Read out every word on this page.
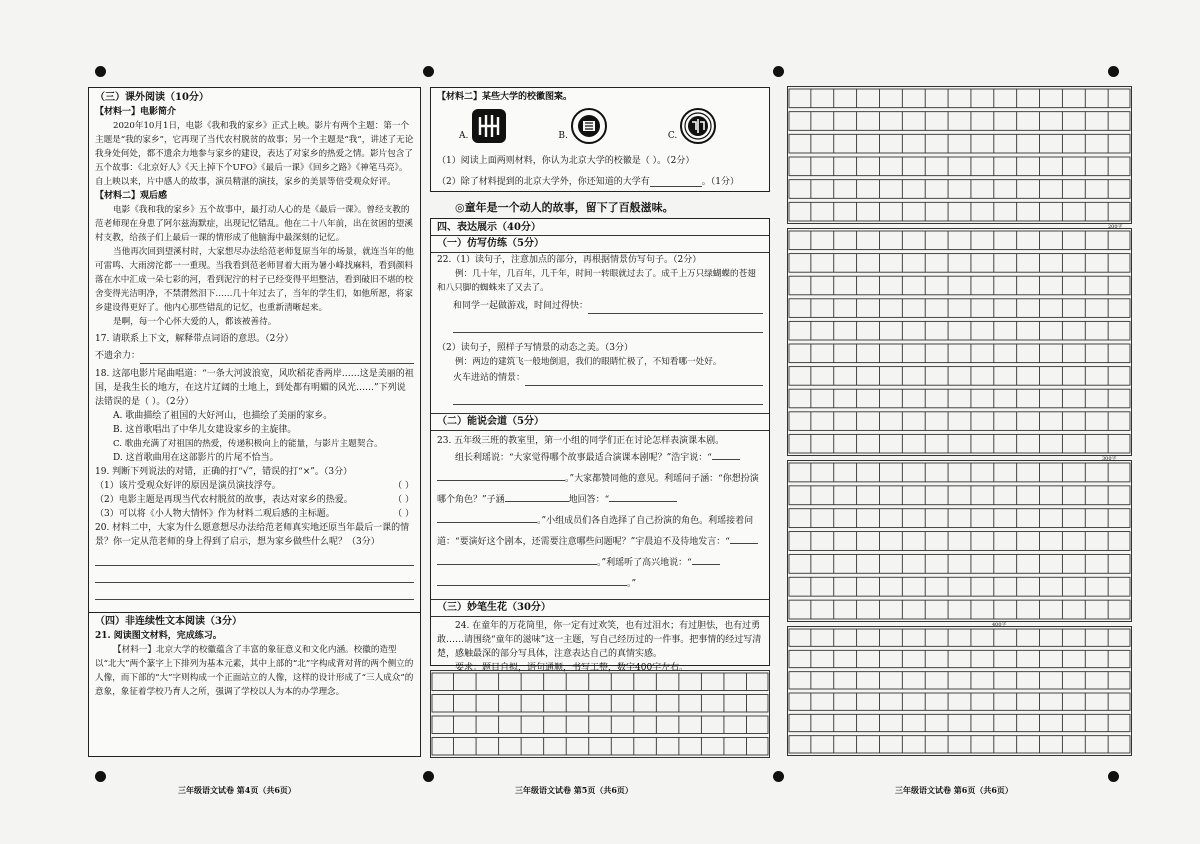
（三）课外阅读（10分）

【材料一】电影简介

2020年10月1日，电影《我和我的家乡》正式上映。影片有两个主题：第一个主题是“我的家乡”，它再现了当代农村脱贫的故事；另一个主题是“我”，讲述了无论我身处何处，都不遗余力地参与家乡的建设，表达了对家乡的热爱之情。影片包含了五个故事：《北京好人》《天上掉下个UFO》《最后一课》《回乡之路》《神笔马亮》。自上映以来，片中感人的故事，演员精湛的演技，家乡的美景等倍受观众好评。

【材料二】观后感

电影《我和我的家乡》五个故事中，最打动人心的是《最后一课》。曾经支教的范老师现在身患了阿尔兹海默症，出现记忆错乱。他在二十八年前，出在贫困的望溪村支教，给孩子们上最后一课的情形成了他脑海中最深刻的记忆。

当他再次回到望溪村时，大家想尽办法给范老师复原当年的场景，就连当年的他可雷鸣、大雨滂沱都一一重现。当我看到范老师冒着大雨为暑小峰找麻料，看到颜料落在水中汇成一朵七彩的河，看到泥泞的村子已经变得平坦整洁，看到破旧不堪的校舍变得光洁明净，不禁潸然泪下……几十年过去了，当年的学生们，如他所愿，将家乡建设得更好了。他内心那些错乱的记忆，也重新清晰起来。

是啊，每一个心怀大爱的人，都该被善待。

17. 请联系上下文，解释带点词语的意思。（2分）

不遗余力：

18. 这部电影片尾曲唱道：“一条大河波浪宽，风吹稻花香两岸……这是美丽的祖国，是我生长的地方，在这片辽阔的土地上，到处都有明媚的风光……”下列说法错误的是（ ）。（2分）

A. 歌曲描绘了祖国的大好河山，也描绘了美丽的家乡。

B. 这首歌唱出了中华儿女建设家乡的主旋律。

C. 歌曲充满了对祖国的热爱，传递积极向上的能量，与影片主题契合。

D. 这首歌曲用在这部影片的片尾不恰当。

19. 判断下列说法的对错，正确的打“√”，错误的打“×”。（3分）

（1）该片受观众好评的原因是演员演技浮夸。	（ ）
（2）电影主题是再现当代农村脱贫的故事，表达对家乡的热爱。	（ ）
（3）可以将《小人物大情怀》作为材料二观后感的主标题。	（ ）

20. 材料二中，大家为什么愿意想尽办法给范老师真实地还原当年最后一课的情景？你一定从范老师的身上得到了启示，想为家乡做些什么呢？（3分）

（四）非连续性文本阅读（3分）

21. 阅读图文材料，完成练习。

【材料一】北京大学的校徽蕴含了丰富的象征意义和文化内涵。校徽的造型以“北大”两个篆字上下排列为基本元素，其中上部的“北”字构成背对背的两个侧立的人像，而下部的“大”字则构成一个正面站立的人像，这样的设计形成了“三人成众”的意象，象征着学校乃育人之所，强调了学校以人为本的办学理念。

三年级语文试卷 第4页（共6页）

【材料二】某些大学的校徽图案。

A.	B.	C.

（1）阅读上面两则材料，你认为北京大学的校徽是（ ）。（2分）

（2）除了材料提到的北京大学外，你还知道的大学有	。（1分）
◎童年是一个动人的故事，留下了百般滋味。

四、表达展示（40分）

（一）仿写仿练（5分）

22.（1）读句子，注意加点的部分，再根据情景仿写句子。（2分）

例：几十年，几百年，几千年，时间一转眼就过去了。成千上万只绿蝴蝶的苍翅和八只脚的蜘蛛来了又去了。

和同学一起做游戏，时间过得快：

（2）读句子，照样子写情景的动态之美。（3分）

例：两边的建筑飞一般地倒退，我们的眼睛忙极了，不知看哪一处好。

火车进站的情景：

（二）能说会道（5分）

23. 五年级三班的教室里，第一小组的同学们正在讨论怎样表演课本剧。

组长利瑶说：“大家觉得哪个故事最适合演课本剧呢？”浩宇说：“ 。”大家都赞同他的意见。利瑶问子涵：“你想扮演哪个角色？”子涵	地回答：“ 。”小组成员们各自选择了自己扮演的角色。利瑶接着问道：“要演好这个剧本，还需要注意哪些问题呢？”宇晨迫不及待地发言：“ 。”利瑶听了高兴地说：“ 。”

（三）妙笔生花（30分）

24. 在童年的万花筒里，你一定有过欢笑，也有过泪水；有过胆怯，也有过勇敢……请围绕“童年的滋味”这一主题，写自己经历过的一件事。把事情的经过写清楚，感触最深的部分写具体，注意表达自己的真情实感。

要求：题目自拟，语句通顺，书写工整，数字400字左右。

三年级语文试卷 第5页（共6页）
200字
300字
400字
三年级语文试卷 第6页（共6页）
